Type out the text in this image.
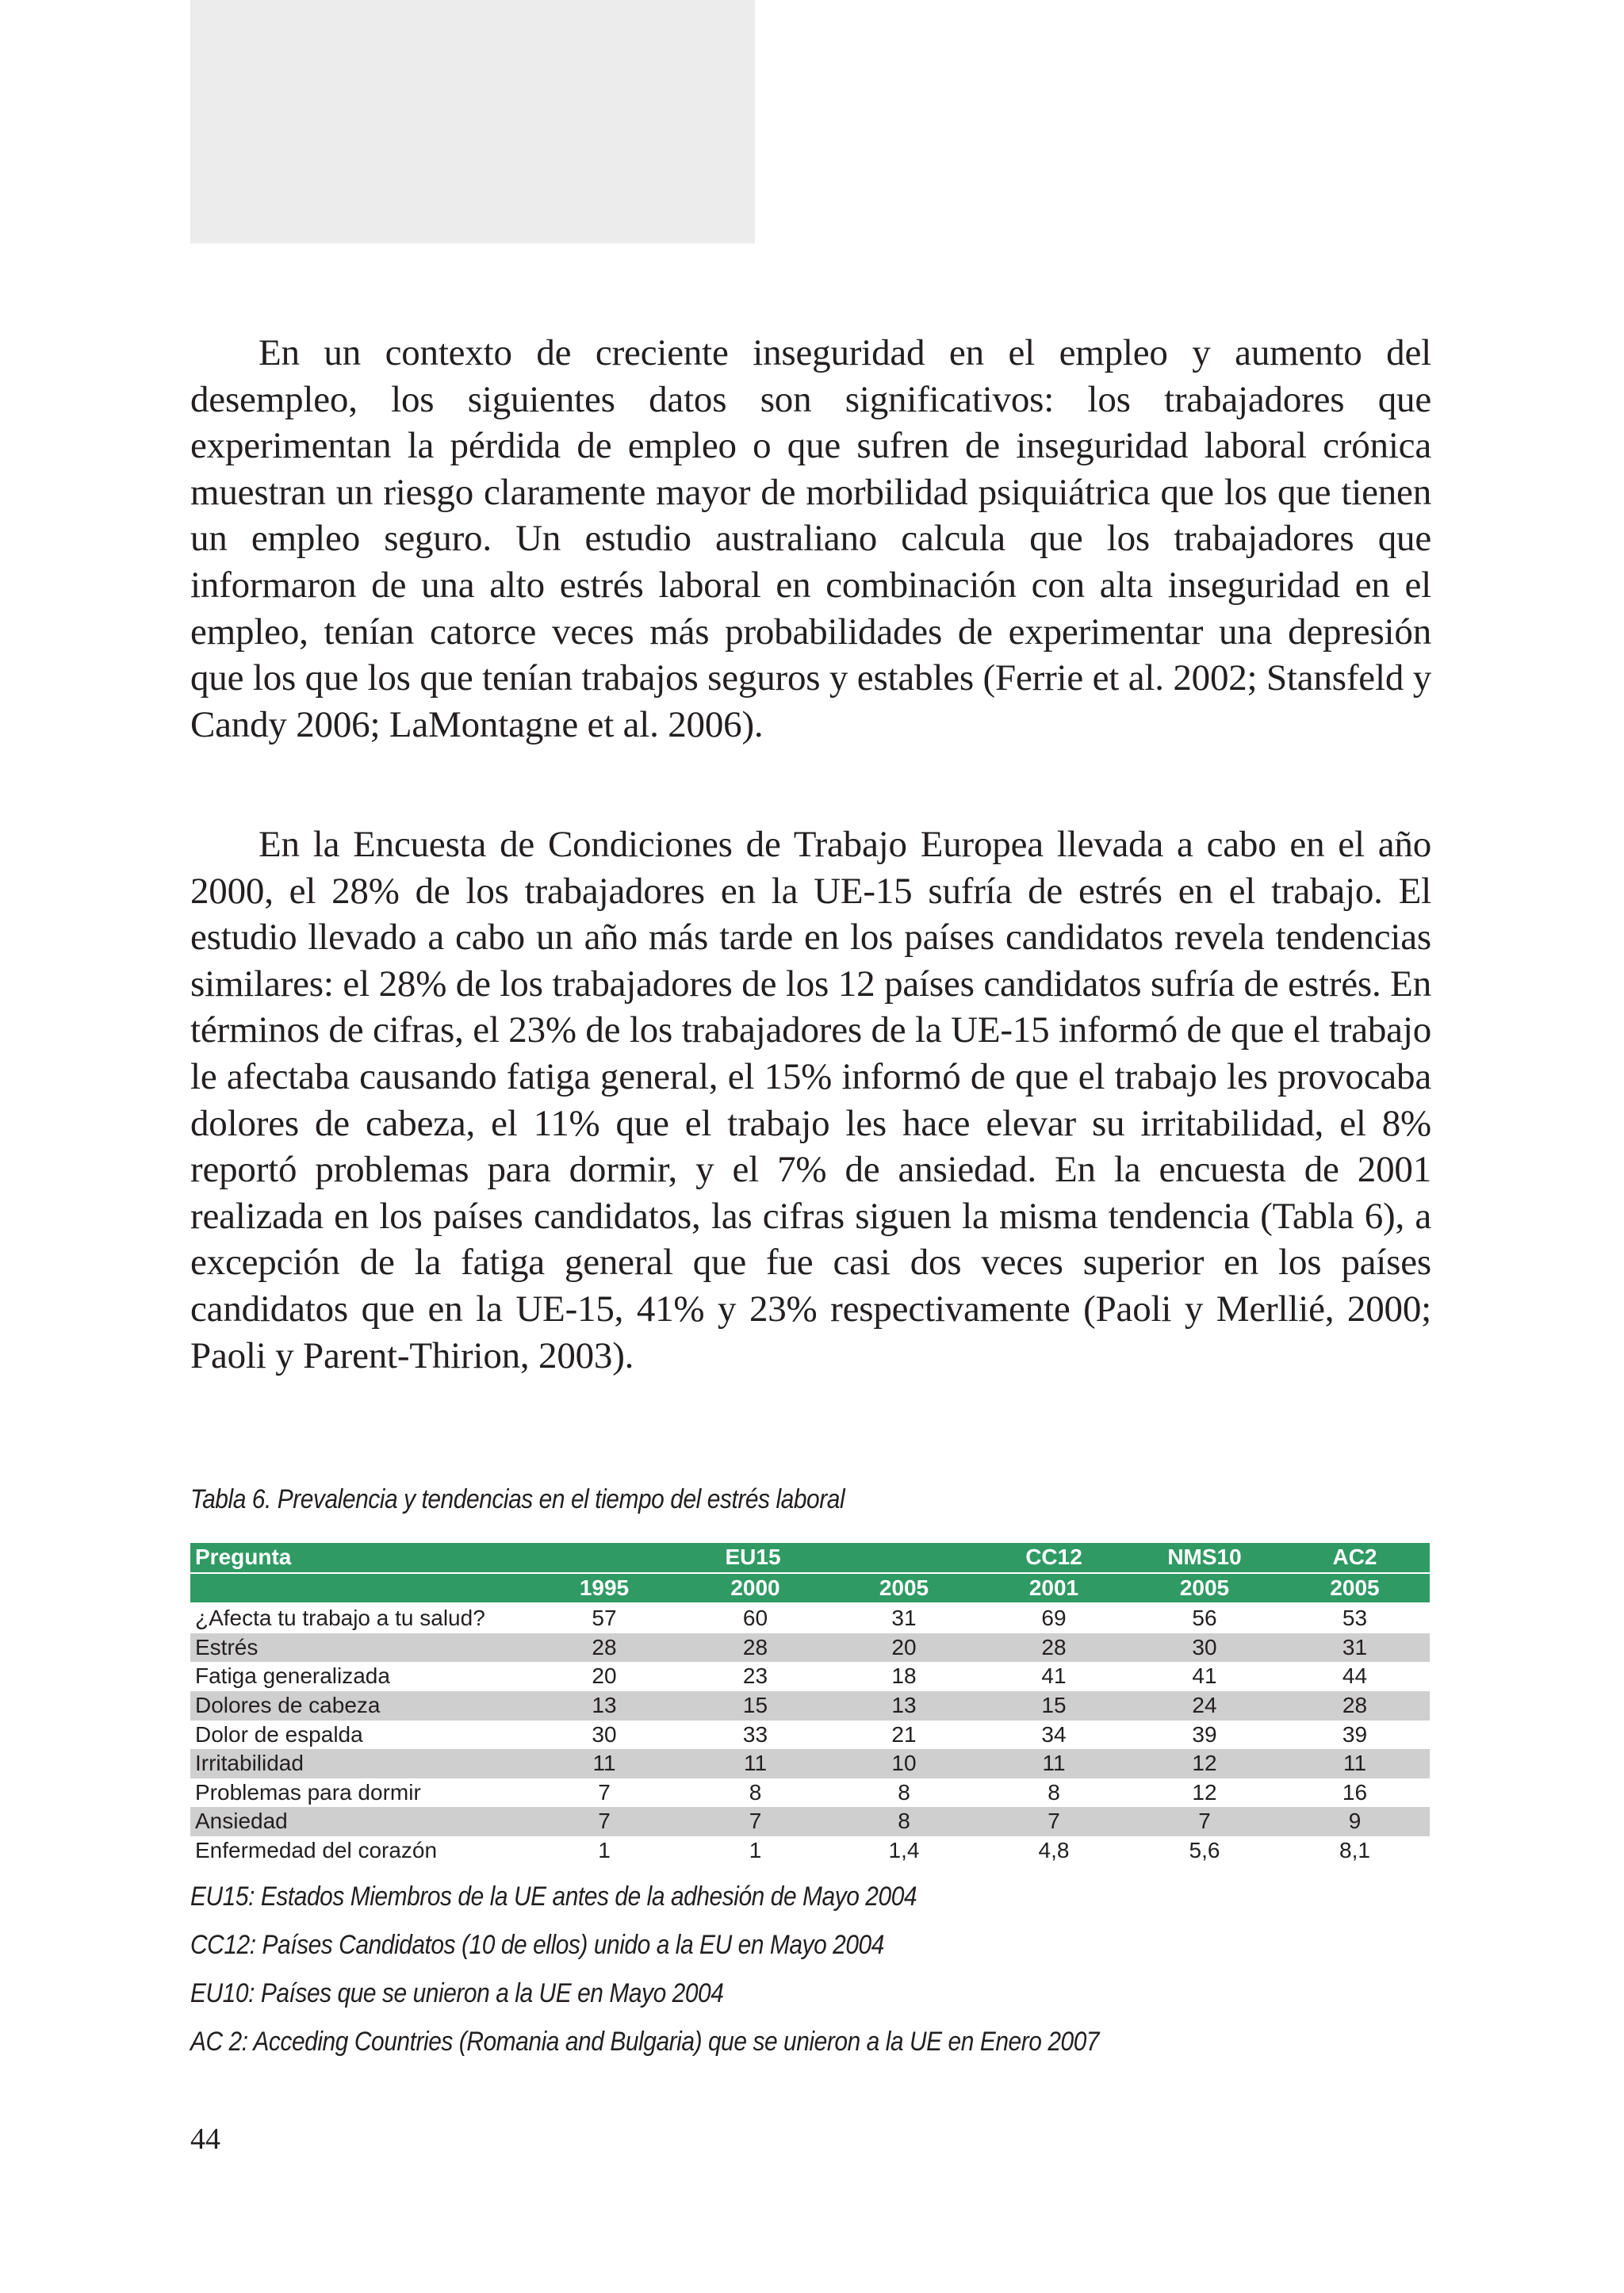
En un contexto de creciente inseguridad en el empleo y aumento del desempleo, los siguientes datos son significativos: los trabajadores que experimentan la pérdida de empleo o que sufren de inseguridad laboral crónica muestran un riesgo claramente mayor de morbilidad psiquiátrica que los que tienen un empleo seguro. Un estudio australiano calcula que los trabajadores que informaron de una alto estrés laboral en combinación con alta inseguridad en el empleo, tenían catorce veces más probabilidades de experimentar una depresión que los que los que tenían trabajos seguros y estables (Ferrie et al. 2002; Stansfeld y Candy 2006; LaMontagne et al. 2006).

En la Encuesta de Condiciones de Trabajo Europea llevada a cabo en el año 2000, el 28% de los trabajadores en la UE-15 sufría de estrés en el trabajo. El estudio llevado a cabo un año más tarde en los países candidatos revela tendencias similares: el 28% de los trabajadores de los 12 países candidatos sufría de estrés. En términos de cifras, el 23% de los trabajadores de la UE-15 informó de que el trabajo le afectaba causando fatiga general, el 15% informó de que el trabajo les provocaba dolores de cabeza, el 11% que el trabajo les hace elevar su irritabilidad, el 8% reportó problemas para dormir, y el 7% de ansiedad. En la encuesta de 2001 realizada en los países candidatos, las cifras siguen la misma tendencia (Tabla 6), a excepción de la fatiga general que fue casi dos veces superior en los países candidatos que en la UE-15, 41% y 23% respectivamente (Paoli y Merllié, 2000; Paoli y Parent-Thirion, 2003).

Tabla 6. Prevalencia y tendencias en el tiempo del estrés laboral
Pregunta	EU15			CC12	NMS10	AC2
	1995	2000	2005	2001	2005	2005
¿Afecta tu trabajo a tu salud?	57	60	31	69	56	53
Estrés	28	28	20	28	30	31
Fatiga generalizada	20	23	18	41	41	44
Dolores de cabeza	13	15	13	15	24	28
Dolor de espalda	30	33	21	34	39	39
Irritabilidad	11	11	10	11	12	11
Problemas para dormir	7	8	8	8	12	16
Ansiedad	7	7	8	7	7	9
Enfermedad del corazón	1	1	1,4	4,8	5,6	8,1
EU15: Estados Miembros de la UE antes de la adhesión de Mayo 2004
CC12: Países Candidatos (10 de ellos) unido a la EU en Mayo 2004
EU10: Países que se unieron a la UE en Mayo 2004
AC 2: Acceding Countries (Romania and Bulgaria) que se unieron a la UE en Enero 2007
44
